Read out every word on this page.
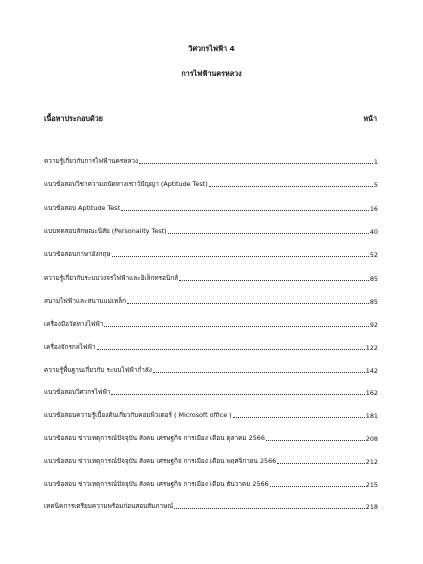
วิศวกรไฟฟ้า 4
การไฟฟ้านครหลวง
เนื้อหาประกอบด้วย	หน้า
ความรู้เกี่ยวกับการไฟฟ้านครหลวง	1
แนวข้อสอบวิชาความถนัดทางเชาว์ปัญญา (Aptitude Test)	5
แนวข้อสอบ Aptitude Test	16
แบบทดสอบลักษณะนิสัย (Personality Test)	40
แนวข้อสอบภาษาอังกฤษ	52
ความรู้เกี่ยวกับระบบวงจรไฟฟ้าและอิเล็กทรอนิกส์	85
สนามไฟฟ้าและสนามแม่เหล็ก	85
เครื่องมือวัดทางไฟฟ้า	92
เครื่องจักรกลไฟฟ้า	122
ความรู้พื้นฐานเกี่ยวกับ ระบบไฟฟ้ากำลัง	142
แนวข้อสอบวิศวกรไฟฟ้า	162
แนวข้อสอบความรู้เบื้องต้นเกี่ยวกับคอมพิวเตอร์ ( Microsoft office )	181
แนวข้อสอบ ข่าวเหตุการณ์ปัจจุบัน สังคม เศรษฐกิจ การเมือง เดือน ตุลาคม 2566	208
แนวข้อสอบ ข่าวเหตุการณ์ปัจจุบัน สังคม เศรษฐกิจ การเมือง เดือน พฤศจิกายน 2566	212
แนวข้อสอบ ข่าวเหตุการณ์ปัจจุบัน สังคม เศรษฐกิจ การเมือง เดือน ธันวาคม 2566	215
เทคนิคการเตรียมความพร้อมก่อนสอบสัมภาษณ์	218
